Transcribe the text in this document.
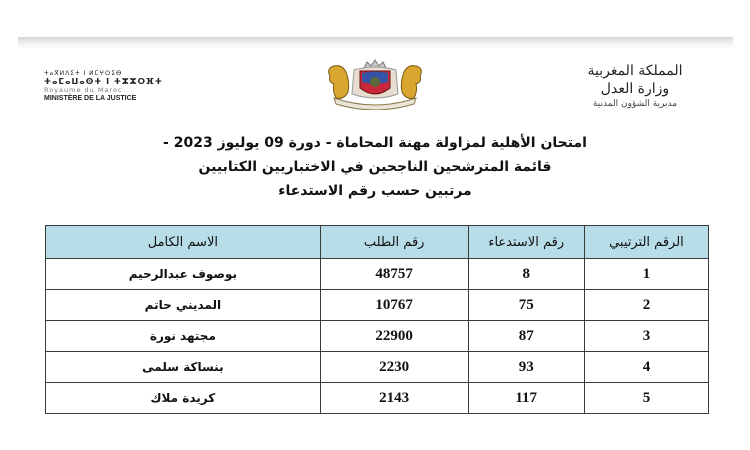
ⵜⴰⴳⵍⴷⵉⵜ ⵏ ⵍⵎⵖⵔⵉⴱ
ⵜⴰⵎⴰⵡⴰⵙⵜ ⵏ ⵜⵣⵣⵔⴼⵜ
Royaume du Maroc
MINISTÈRE DE LA JUSTICE
المملكة المغربية
وزارة العدل
مديرية الشؤون المدنية
امتحان الأهلية لمزاولة مهنة المحاماة - دورة 09 يوليوز 2023 -
قائمة المترشحين الناجحين في الاختباريين الكتابيين
مرتبين حسب رقم الاستدعاء
الرقم الترتيبي	رقم الاستدعاء	رقم الطلب	الاسم الكامل
1	8	48757	بوصوف عبدالرحيم
2	75	10767	المديني حاتم
3	87	22900	مجتهد نورة
4	93	2230	بنساكة سلمى
5	117	2143	كريدة ملاك
